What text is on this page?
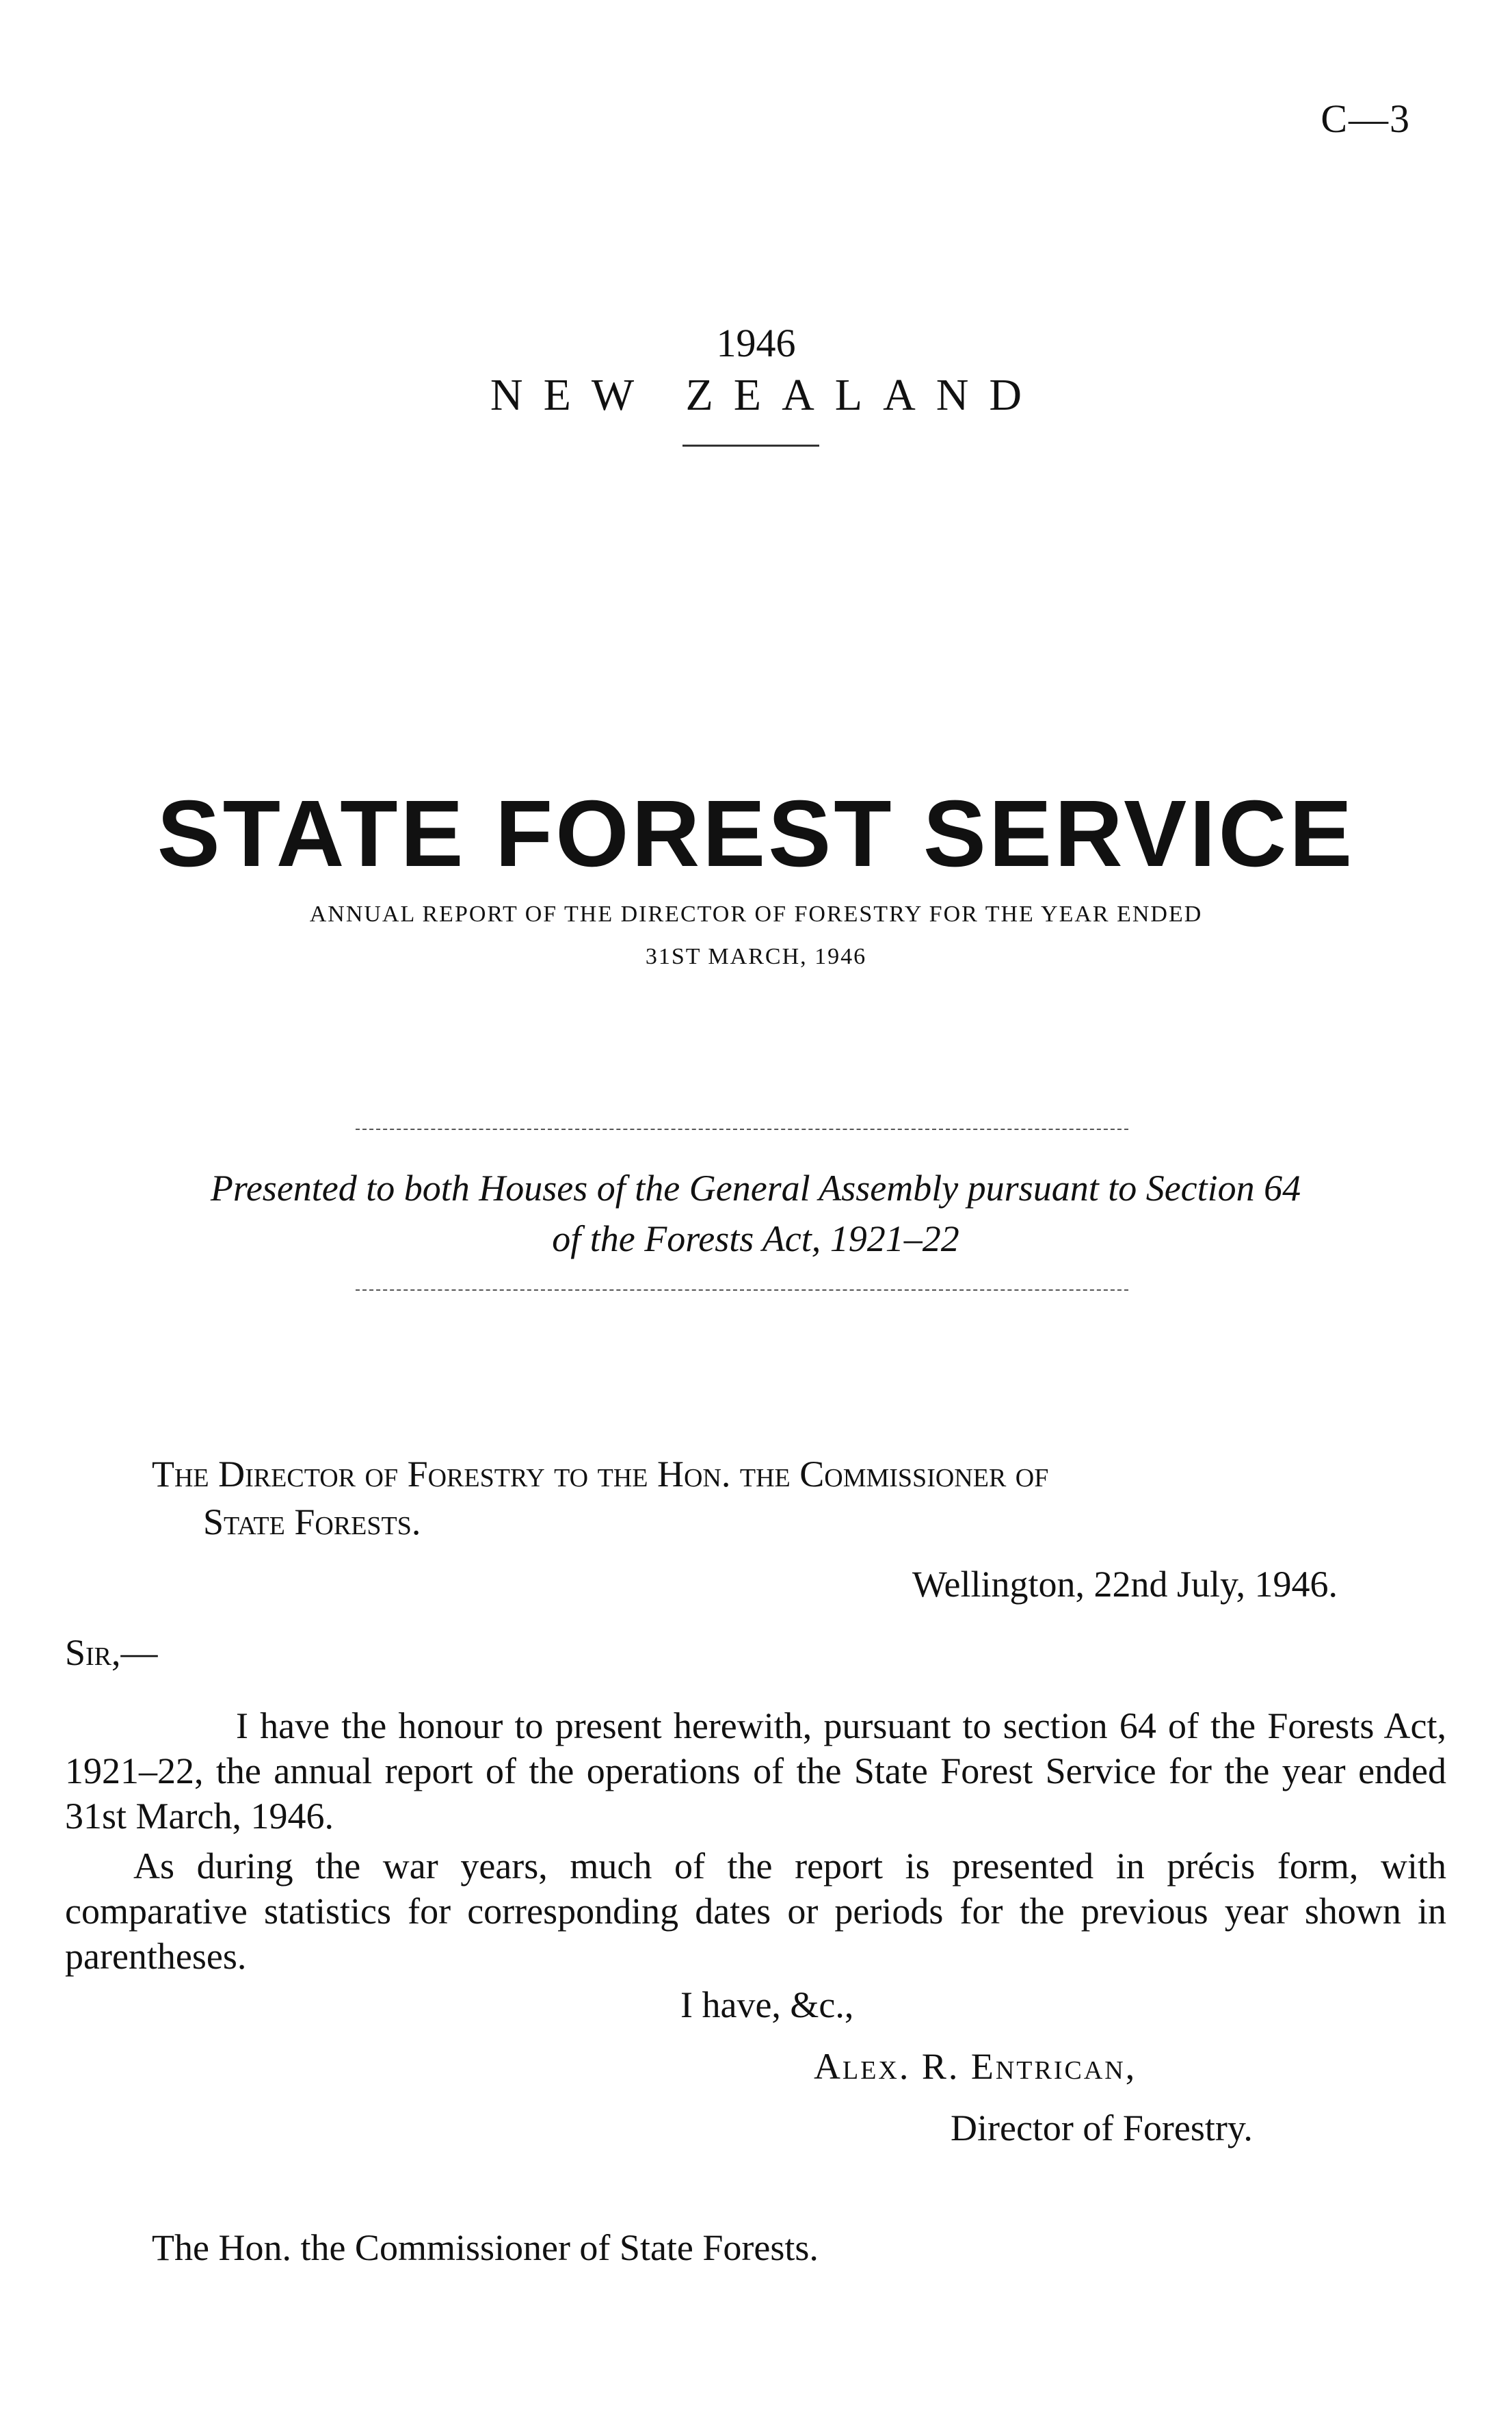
C—3
1946
NEW ZEALAND
STATE FOREST SERVICE
ANNUAL REPORT OF THE DIRECTOR OF FORESTRY FOR THE YEAR ENDED
31ST MARCH, 1946
Presented to both Houses of the General Assembly pursuant to Section 64
of the Forests Act, 1921–22
The Director of Forestry to the Hon. the Commissioner of
State Forests.
Wellington, 22nd July, 1946.
Sir,—
I have the honour to present herewith, pursuant to section 64 of the Forests Act, 1921–22, the annual report of the operations of the State Forest Service for the year ended 31st March, 1946.
As during the war years, much of the report is presented in précis form, with comparative statistics for corresponding dates or periods for the previous year shown in parentheses.
I have, &c.,
Alex. R. Entrican,
Director of Forestry.
The Hon. the Commissioner of State Forests.
